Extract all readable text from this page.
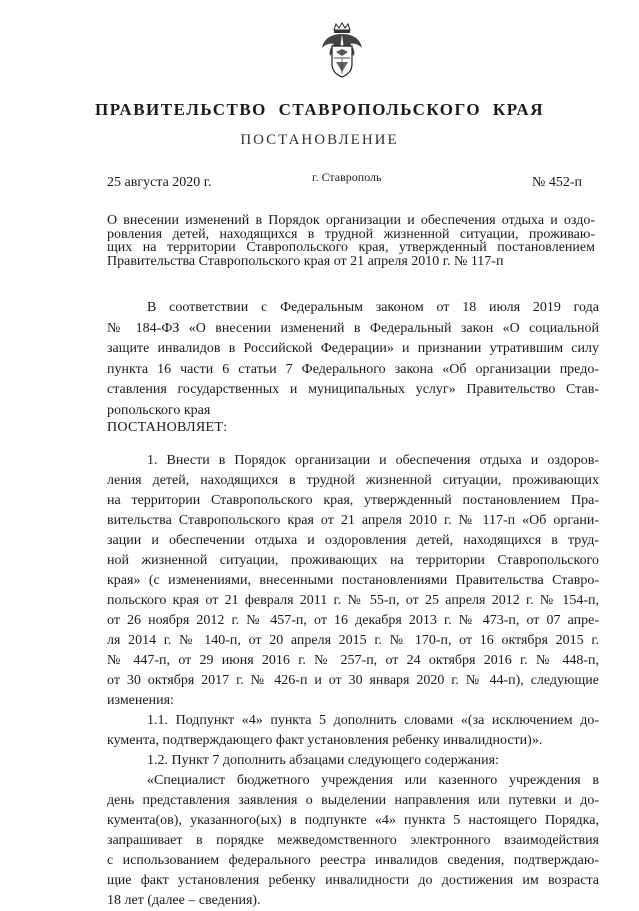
ПРАВИТЕЛЬСТВО СТАВРОПОЛЬСКОГО КРАЯ
ПОСТАНОВЛЕНИЕ
25 августа 2020 г.	г. Ставрополь	№ 452-п
О внесении изменений в Порядок организации и обеспечения отдыха и оздо-
ровления детей, находящихся в трудной жизненной ситуации, проживаю-
щих на территории Ставропольского края, утвержденный постановлением
Правительства Ставропольского края от 21 апреля 2010 г. № 117-п
В соответствии с Федеральным законом от 18 июля 2019 года
№ 184-ФЗ «О внесении изменений в Федеральный закон «О социальной
защите инвалидов в Российской Федерации» и признании утратившим силу
пункта 16 части 6 статьи 7 Федерального закона «Об организации предо-
ставления государственных и муниципальных услуг» Правительство Став-
ропольского края
ПОСТАНОВЛЯЕТ:
1. Внести в Порядок организации и обеспечения отдыха и оздоров-
ления детей, находящихся в трудной жизненной ситуации, проживающих
на территории Ставропольского края, утвержденный постановлением Пра-
вительства Ставропольского края от 21 апреля 2010 г. № 117-п «Об органи-
зации и обеспечении отдыха и оздоровления детей, находящихся в труд-
ной жизненной ситуации, проживающих на территории Ставропольского
края» (с изменениями, внесенными постановлениями Правительства Ставро-
польского края от 21 февраля 2011 г. № 55-п, от 25 апреля 2012 г. № 154-п,
от 26 ноября 2012 г. № 457-п, от 16 декабря 2013 г. № 473-п, от 07 апре-
ля 2014 г. № 140-п, от 20 апреля 2015 г. № 170-п, от 16 октября 2015 г.
№ 447-п, от 29 июня 2016 г. № 257-п, от 24 октября 2016 г. № 448-п,
от 30 октября 2017 г. № 426-п и от 30 января 2020 г. № 44-п), следующие
изменения:
1.1. Подпункт «4» пункта 5 дополнить словами «(за исключением до-
кумента, подтверждающего факт установления ребенку инвалидности)».
1.2. Пункт 7 дополнить абзацами следующего содержания:
«Специалист бюджетного учреждения или казенного учреждения в
день представления заявления о выделении направления или путевки и до-
кумента(ов), указанного(ых) в подпункте «4» пункта 5 настоящего Порядка,
запрашивает в порядке межведомственного электронного взаимодействия
с использованием федерального реестра инвалидов сведения, подтверждаю-
щие факт установления ребенку инвалидности до достижения им возраста
18 лет (далее – сведения).
